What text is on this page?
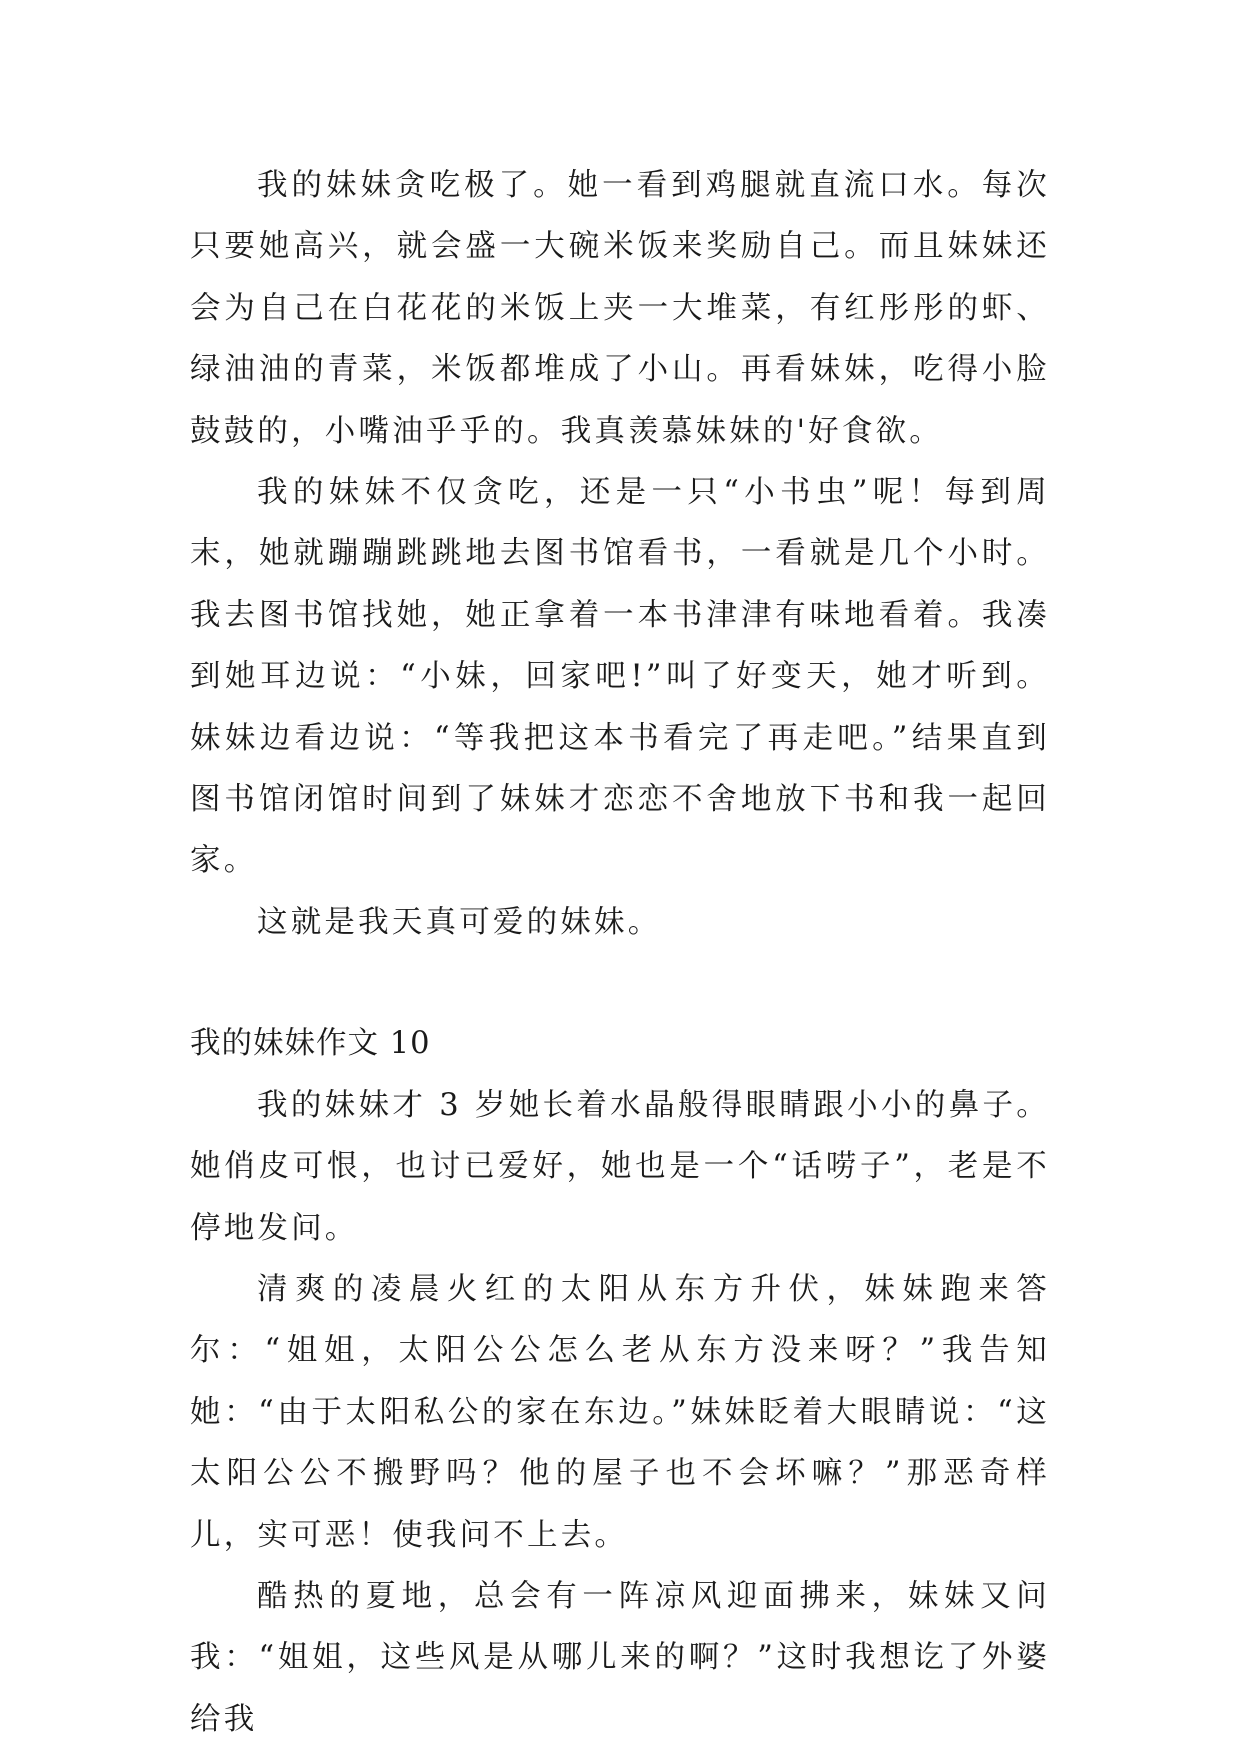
我的妹妹贪吃极了。她一看到鸡腿就直流口水。每次只要她高兴，就会盛一大碗米饭来奖励自己。而且妹妹还会为自己在白花花的米饭上夹一大堆菜，有红彤彤的虾、绿油油的青菜，米饭都堆成了小山。再看妹妹，吃得小脸鼓鼓的，小嘴油乎乎的。我真羡慕妹妹的'好食欲。

我的妹妹不仅贪吃，还是一只“小书虫”呢！每到周末，她就蹦蹦跳跳地去图书馆看书，一看就是几个小时。我去图书馆找她，她正拿着一本书津津有味地看着。我凑到她耳边说：“小妹，回家吧!”叫了好变天，她才听到。妹妹边看边说：“等我把这本书看完了再走吧。”结果直到图书馆闭馆时间到了妹妹才恋恋不舍地放下书和我一起回家。

这就是我天真可爱的妹妹。

我的妹妹作文 10

我的妹妹才 3 岁她长着水晶般得眼睛跟小小的鼻子。她俏皮可恨，也讨已爱好，她也是一个“话唠子”，老是不停地发问。

清爽的凌晨火红的太阳从东方升伏，妹妹跑来答尔：“姐姐，太阳公公怎么老从东方没来呀？”我告知她：“由于太阳私公的家在东边。”妹妹眨着大眼睛说：“这太阳公公不搬野吗？他的屋子也不会坏嘛？”那恶奇样儿，实可恶！使我问不上去。

酷热的夏地，总会有一阵凉风迎面拂来，妹妹又问我：“姐姐，这些风是从哪儿来的啊？”这时我想讫了外婆给我
